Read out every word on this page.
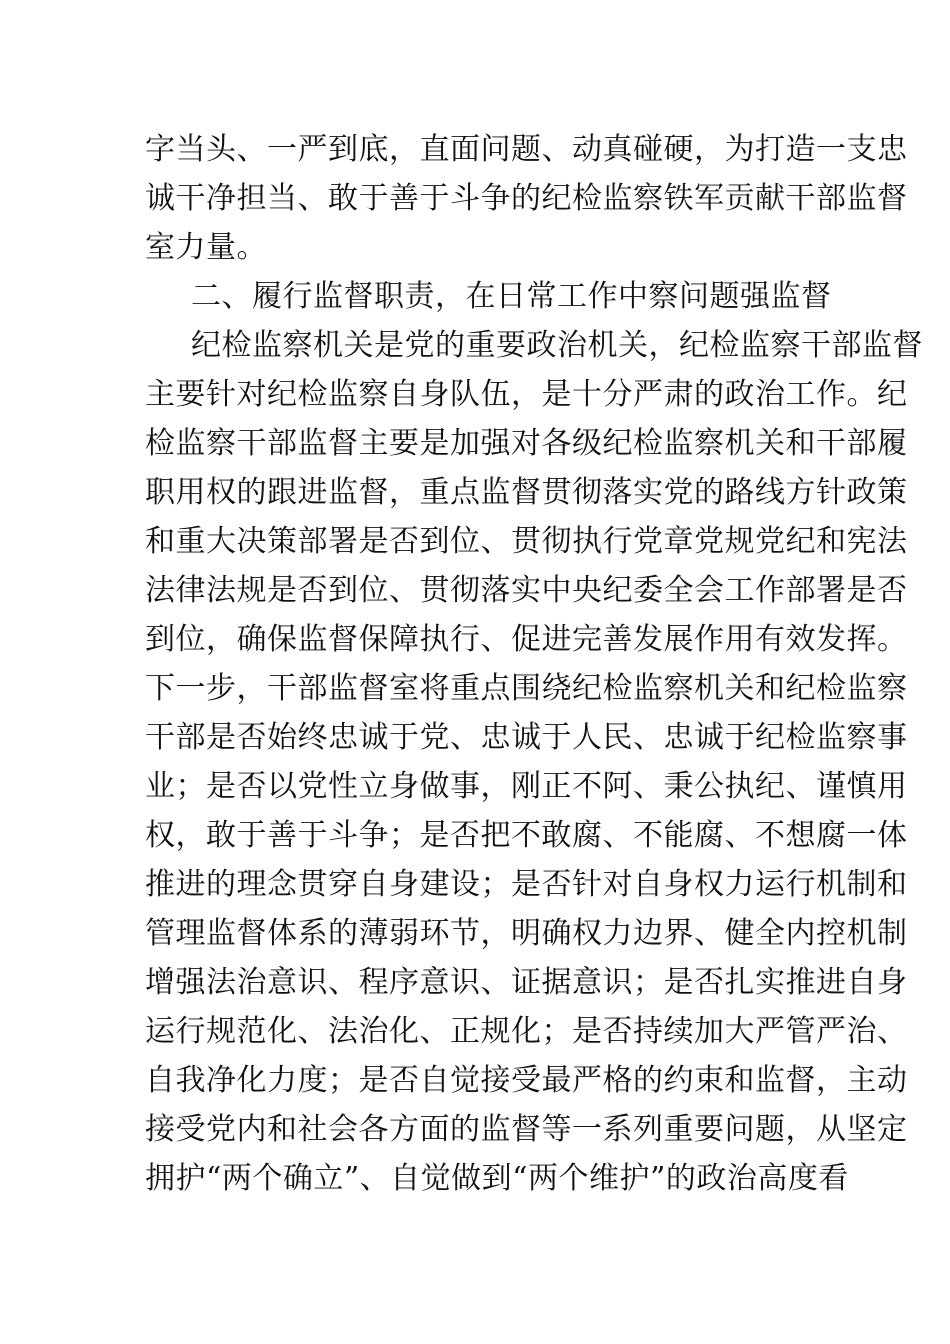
字当头、一严到底，直面问题、动真碰硬，为打造一支忠
诚干净担当、敢于善于斗争的纪检监察铁军贡献干部监督
室力量。
二、履行监督职责，在日常工作中察问题强监督
纪检监察机关是党的重要政治机关，纪检监察干部监督
主要针对纪检监察自身队伍，是十分严肃的政治工作。纪
检监察干部监督主要是加强对各级纪检监察机关和干部履
职用权的跟进监督，重点监督贯彻落实党的路线方针政策
和重大决策部署是否到位、贯彻执行党章党规党纪和宪法
法律法规是否到位、贯彻落实中央纪委全会工作部署是否
到位，确保监督保障执行、促进完善发展作用有效发挥。
下一步，干部监督室将重点围绕纪检监察机关和纪检监察
干部是否始终忠诚于党、忠诚于人民、忠诚于纪检监察事
业；是否以党性立身做事，刚正不阿、秉公执纪、谨慎用
权，敢于善于斗争；是否把不敢腐、不能腐、不想腐一体
推进的理念贯穿自身建设；是否针对自身权力运行机制和
管理监督体系的薄弱环节，明确权力边界、健全内控机制
增强法治意识、程序意识、证据意识；是否扎实推进自身
运行规范化、法治化、正规化；是否持续加大严管严治、
自我净化力度；是否自觉接受最严格的约束和监督，主动
接受党内和社会各方面的监督等一系列重要问题，从坚定
拥护“两个确立”、自觉做到“两个维护”的政治高度看
